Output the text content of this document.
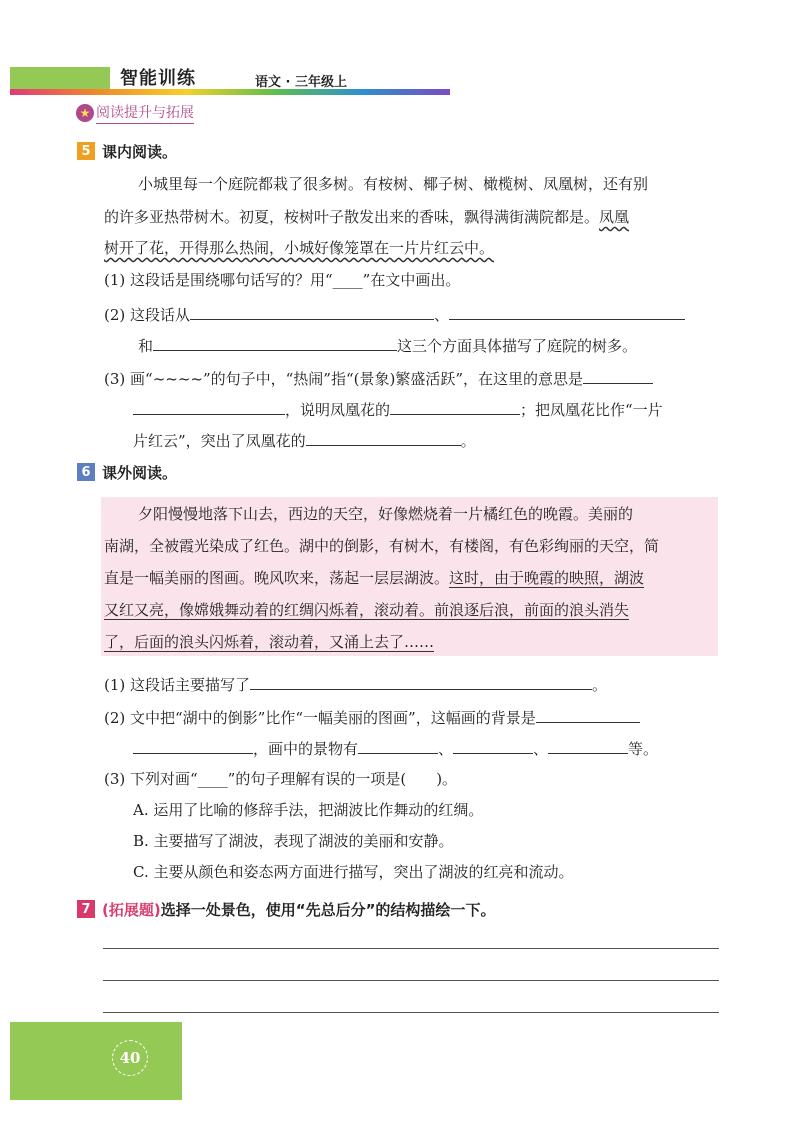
智能训练	语文 · 三年级上
★ 阅读提升与拓展
5 课内阅读。
小城里每一个庭院都栽了很多树。有桉树、椰子树、橄榄树、凤凰树，还有别
的许多亚热带树木。初夏，桉树叶子散发出来的香味，飘得满街满院都是。凤凰
树开了花，开得那么热闹，小城好像笼罩在一片片红云中。
(1) 这段话是围绕哪句话写的？用“____”在文中画出。
(2) 这段话从	、
和	这三个方面具体描写了庭院的树多。
(3) 画“~~~~”的句子中，“热闹”指“(景象)繁盛活跃”，在这里的意思是
，说明凤凰花的	；把凤凰花比作“一片
片红云”，突出了凤凰花的	。
6 课外阅读。
夕阳慢慢地落下山去，西边的天空，好像燃烧着一片橘红色的晚霞。美丽的
南湖，全被霞光染成了红色。湖中的倒影，有树木，有楼阁，有色彩绚丽的天空，简
直是一幅美丽的图画。晚风吹来，荡起一层层湖波。这时，由于晚霞的映照，湖波
又红又亮，像嫦娥舞动着的红绸闪烁着，滚动着。前浪逐后浪，前面的浪头消失
了，后面的浪头闪烁着，滚动着，又涌上去了……
(1) 这段话主要描写了	。
(2) 文中把“湖中的倒影”比作“一幅美丽的图画”，这幅画的背景是
，画中的景物有	、	、	等。
(3) 下列对画“____”的句子理解有误的一项是(　　)。
A. 运用了比喻的修辞手法，把湖波比作舞动的红绸。
B. 主要描写了湖波，表现了湖波的美丽和安静。
C. 主要从颜色和姿态两方面进行描写，突出了湖波的红亮和流动。
7 (拓展题)选择一处景色，使用“先总后分”的结构描绘一下。
40
